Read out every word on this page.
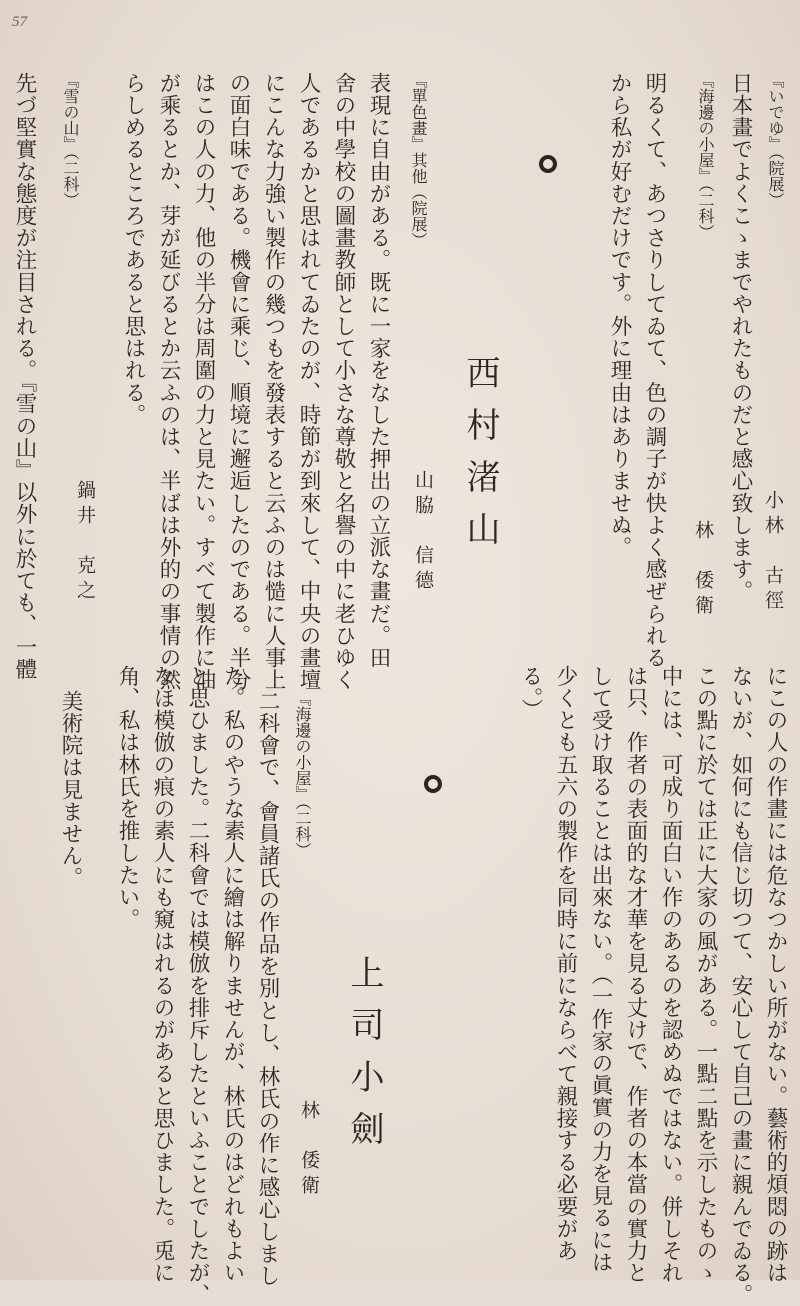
57
『いでゆ』（院展）
日本畫でよくこゝまでやれたものだと感心致します。
『海邊の小屋』（二科）
明るくて、あつさりしてゐて、色の調子が快よく感ぜられる
から私が好むだけです。外に理由はありませぬ。	小林　古徑
林　倭衛
西村渚山
『單色畫』其他（院展）
表現に自由がある。既に一家をなした押出の立派な畫だ。田
舍の中學校の圖畫教師として小さな尊敬と名譽の中に老ひゆく
人であるかと思はれてゐたのが、時節が到來して、中央の畫壇
にこんな力強い製作の幾つもを發表すると云ふのは慥に人事上
の面白味である。機會に乘じ、順境に邂逅したのである。半分
はこの人の力、他の半分は周圍の力と見たい。すべて製作に油
が乘るとか、芽が延びるとか云ふのは、半ばは外的の事情の然
らしめるところであると思はれる。
『雪の山』（二科）
先づ堅實な態度が注目される。『雪の山』以外に於ても、一體	山脇　信德
鍋井　克之
にこの人の作畫には危なつかしい所がない。藝術的煩悶の跡は
ないが、如何にも信じ切つて、安心して自己の畫に親んでゐる。
この點に於ては正に大家の風がある。一點二點を示したものゝ
中には、可成り面白い作のあるのを認めぬではない。併しそれ
は只、作者の表面的な才華を見る丈けで、作者の本當の實力と
して受け取ることは出來ない。（一作家の眞實の力を見るには
少くとも五六の製作を同時に前にならべて親接する必要があ
る。）
上司小劍
『海邊の小屋』（二科）
二科會で、會員諸氏の作品を別とし、林氏の作に感心しまし
た。私のやうな素人に繪は解りませんが、林氏のはどれもよい
と思ひました。二科會では模倣を排斥したといふことでしたが、
なほ模倣の痕の素人にも窺はれるのがあると思ひました。兎に
角、私は林氏を推したい。
美術院は見ません。
林　倭衛
